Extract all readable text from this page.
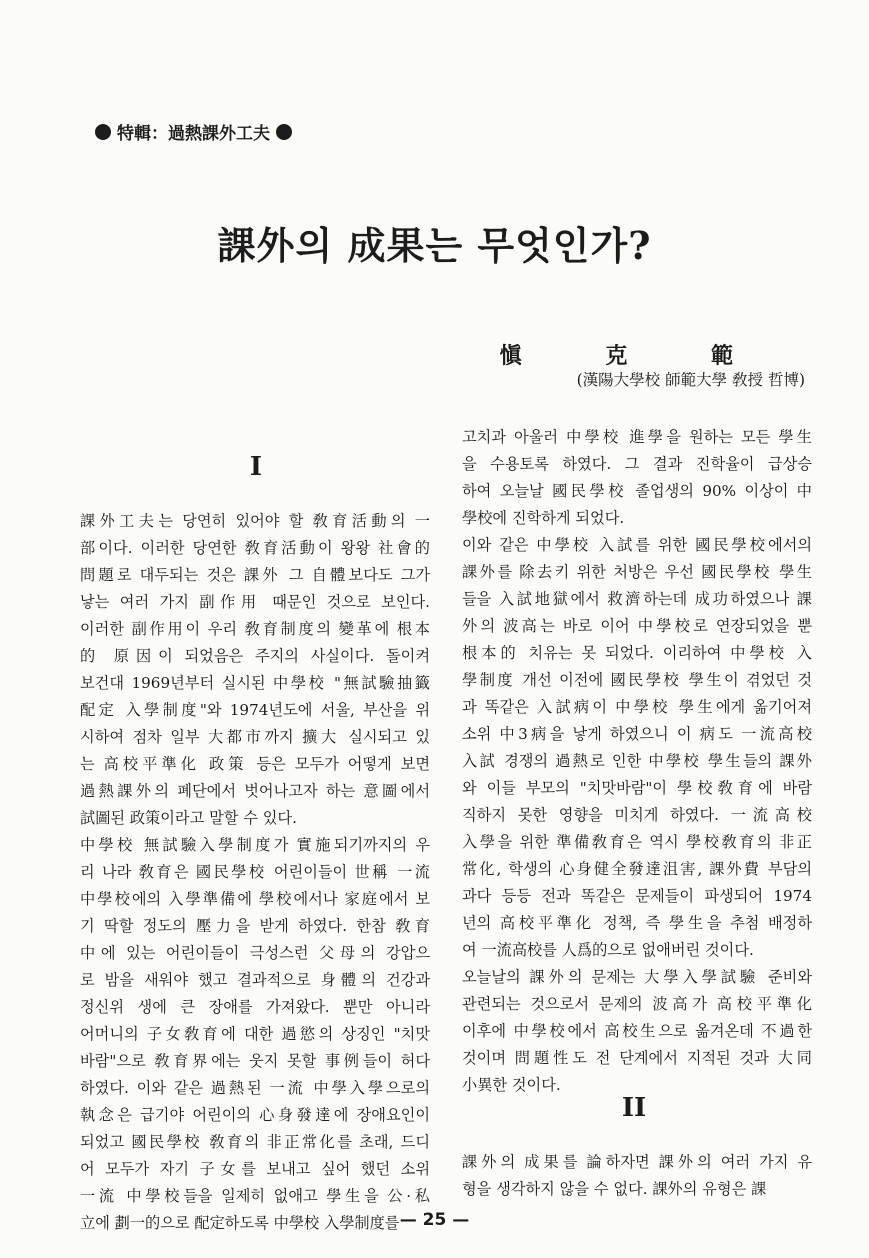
特輯：過熱課外工夫
課外의 成果는 무엇인가?
愼 克 範
(漢陽大學校 師範大學 敎授 哲博)
I
課外工夫는 당연히 있어야 할 敎育活動의 一
部이다. 이러한 당연한 敎育活動이 왕왕 社會的
問題로 대두되는 것은 課外 그 自體보다도 그가
낳는 여러 가지 副作用 때문인 것으로 보인다.
이러한 副作用이 우리 敎育制度의 變革에 根本
的 原因이 되었음은 주지의 사실이다. 돌이켜
보건대 1969년부터 실시된 中學校 "無試驗抽籤
配定 入學制度"와 1974년도에 서울, 부산을 위
시하여 점차 일부 大都市까지 擴大 실시되고 있
는 高校平準化 政策 등은 모두가 어떻게 보면
過熱課外의 폐단에서 벗어나고자 하는 意圖에서
試圖된 政策이라고 말할 수 있다.
中學校 無試驗入學制度가 實施되기까지의 우
리 나라 敎育은 國民學校 어린이들이 世稱 一流
中學校에의 入學準備에 學校에서나 家庭에서 보
기 딱할 정도의 壓力을 받게 하였다. 한참 敎育
中에 있는 어린이들이 극성스런 父母의 강압으
로 밤을 새워야 했고 결과적으로 身體의 건강과
정신위 생에 큰 장애를 가져왔다. 뿐만 아니라
어머니의 子女敎育에 대한 過慾의 상징인 "치맛
바람"으로 敎育界에는 웃지 못할 事例들이 허다
하였다. 이와 같은 過熱된 一流 中學入學으로의
執念은 급기야 어린이의 心身發達에 장애요인이
되었고 國民學校 敎育의 非正常化를 초래, 드디
어 모두가 자기 子女를 보내고 싶어 했던 소위
一流 中學校들을 일제히 없애고 學生을 公·私
立에 劃一的으로 配定하도록 中學校 入學制度를
고치과 아울러 中學校 進學을 원하는 모든 學生
을 수용토록 하였다. 그 결과 진학율이 급상승
하여 오늘날 國民學校 졸업생의 90% 이상이 中
學校에 진학하게 되었다.
이와 같은 中學校 入試를 위한 國民學校에서의
課外를 除去키 위한 처방은 우선 國民學校 學生
들을 入試地獄에서 救濟하는데 成功하였으나 課
外의 波高는 바로 이어 中學校로 연장되었을 뿐
根本的 치유는 못 되었다. 이리하여 中學校 入
學制度 개선 이전에 國民學校 學生이 겪었던 것
과 똑같은 入試病이 中學校 學生에게 옮기어져
소위 中3病을 낳게 하였으니 이 病도 一流高校
入試 경쟁의 過熱로 인한 中學校 學生들의 課外
와 이들 부모의 "치맛바람"이 學校敎育에 바람
직하지 못한 영향을 미치게 하였다. 一流高校
入學을 위한 準備敎育은 역시 學校敎育의 非正
常化, 학생의 心身健全發達沮害, 課外費 부담의
과다 등등 전과 똑같은 문제들이 파생되어 1974
년의 高校平準化 정책, 즉 學生을 추첨 배정하
여 一流高校를 人爲的으로 없애버린 것이다.
오늘날의 課外의 문제는 大學入學試驗 준비와
관련되는 것으로서 문제의 波高가 高校平準化
이후에 中學校에서 高校生으로 옮겨온데 不過한
것이며 問題性도 전 단계에서 지적된 것과 大同
小異한 것이다.
II
課外의 成果를 論하자면 課外의 여러 가지 유
형을 생각하지 않을 수 없다. 課外의 유형은 課
— 25 —
